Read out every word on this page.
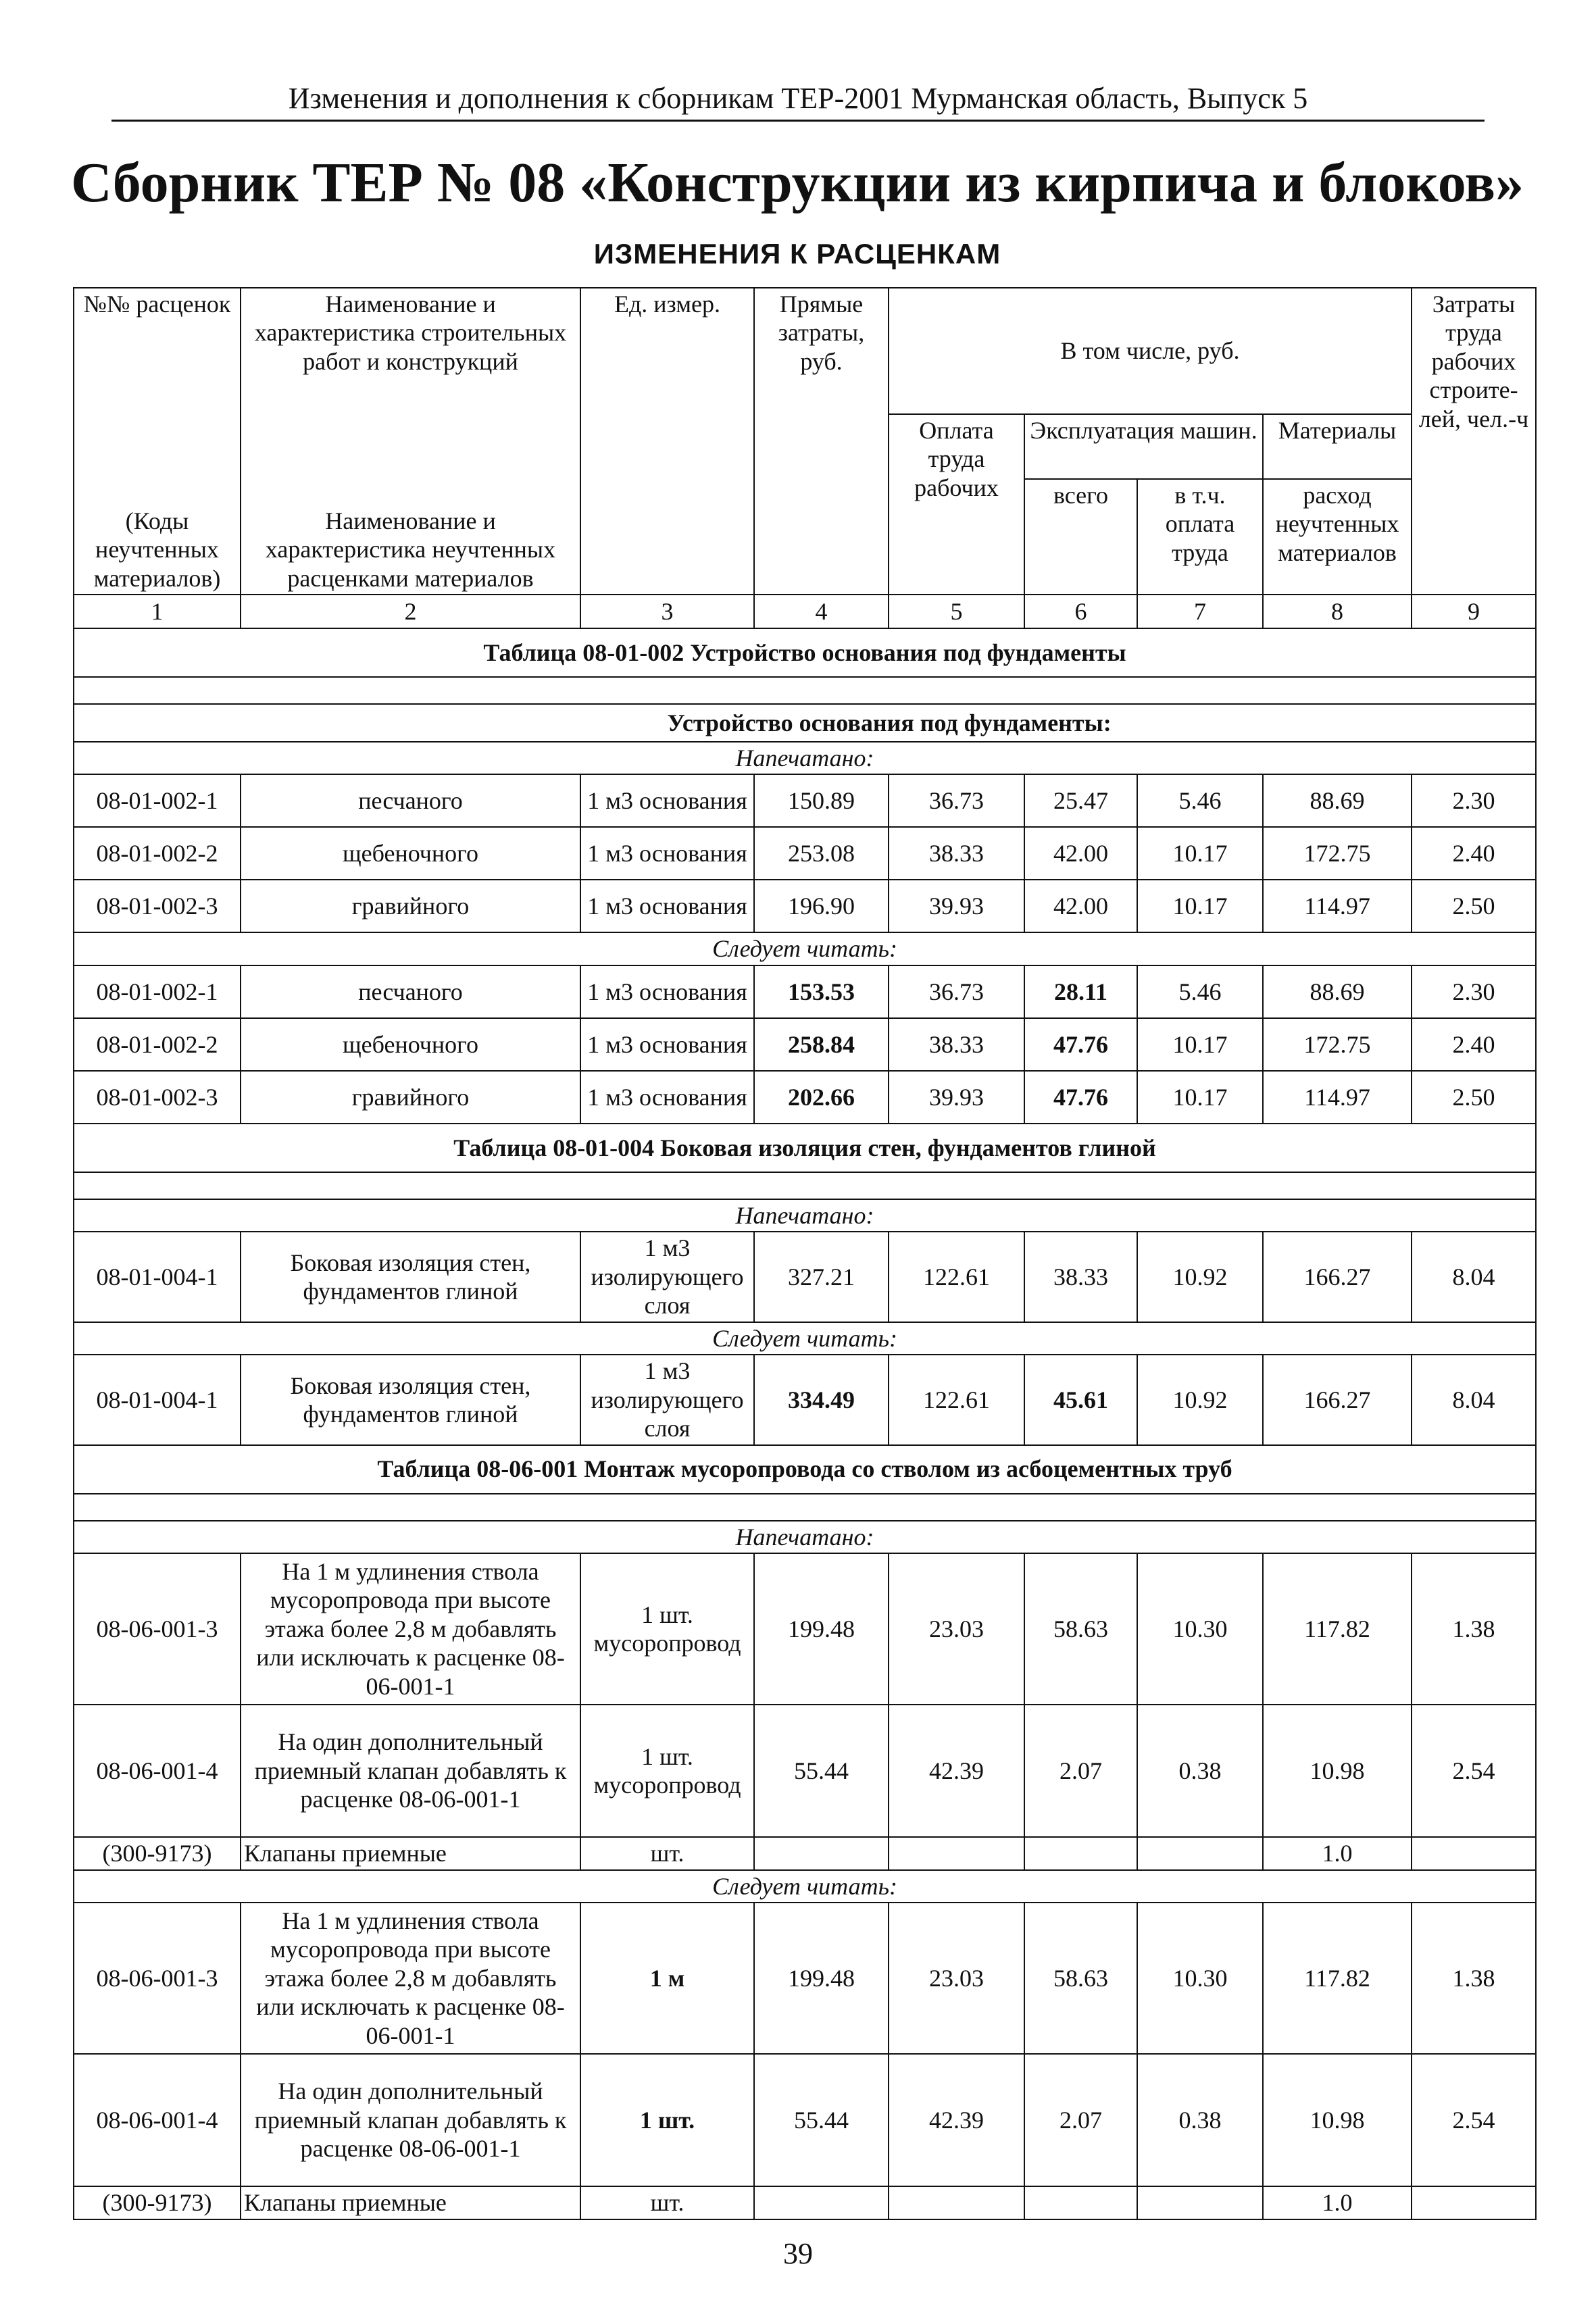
Изменения и дополнения к сборникам ТЕР-2001 Мурманская область, Выпуск 5
Сборник ТЕР № 08 «Конструкции из кирпича и блоков»
ИЗМЕНЕНИЯ К РАСЦЕНКАМ
№№ расценок	Наименование и характеристика строительных работ и конструкций	Ед. измер.	Прямые затраты, руб.	В том числе, руб.				Затраты труда рабочих строите-лей, чел.-ч
(Коды неучтенных материалов)	Наименование и характеристика неучтенных расценками материалов			Оплата труда рабочих	Эксплуатация машин.		Материалы	
					всего	в т.ч. оплата труда	расход неучтенных материалов	
1	2	3	4	5	6	7	8	9
Таблица 08-01-002 Устройство основания под фундаменты								

Устройство основания под фундаменты:								
Напечатано:								
08-01-002-1	песчаного	1 м3 основания	150.89	36.73	25.47	5.46	88.69	2.30
08-01-002-2	щебеночного	1 м3 основания	253.08	38.33	42.00	10.17	172.75	2.40
08-01-002-3	гравийного	1 м3 основания	196.90	39.93	42.00	10.17	114.97	2.50
Следует читать:								
08-01-002-1	песчаного	1 м3 основания	153.53	36.73	28.11	5.46	88.69	2.30
08-01-002-2	щебеночного	1 м3 основания	258.84	38.33	47.76	10.17	172.75	2.40
08-01-002-3	гравийного	1 м3 основания	202.66	39.93	47.76	10.17	114.97	2.50
Таблица 08-01-004 Боковая изоляция стен, фундаментов глиной								

Напечатано:								
08-01-004-1	Боковая изоляция стен, фундаментов глиной	1 м3 изолирующего слоя	327.21	122.61	38.33	10.92	166.27	8.04
Следует читать:								
08-01-004-1	Боковая изоляция стен, фундаментов глиной	1 м3 изолирующего слоя	334.49	122.61	45.61	10.92	166.27	8.04
Таблица 08-06-001 Монтаж мусоропровода со стволом из асбоцементных труб								

Напечатано:								
08-06-001-3	На 1 м удлинения ствола мусоропровода при высоте этажа более 2,8 м добавлять или исключать к расценке 08-06-001-1	1 шт. мусоропровод	199.48	23.03	58.63	10.30	117.82	1.38
08-06-001-4	На один дополнительный приемный клапан добавлять к расценке 08-06-001-1	1 шт. мусоропровод	55.44	42.39	2.07	0.38	10.98	2.54
(300-9173)	Клапаны приемные	шт.					1.0	
Следует читать:								
08-06-001-3	На 1 м удлинения ствола мусоропровода при высоте этажа более 2,8 м добавлять или исключать к расценке 08-06-001-1	1 м	199.48	23.03	58.63	10.30	117.82	1.38
08-06-001-4	На один дополнительный приемный клапан добавлять к расценке 08-06-001-1	1 шт.	55.44	42.39	2.07	0.38	10.98	2.54
(300-9173)	Клапаны приемные	шт.					1.0	
39
